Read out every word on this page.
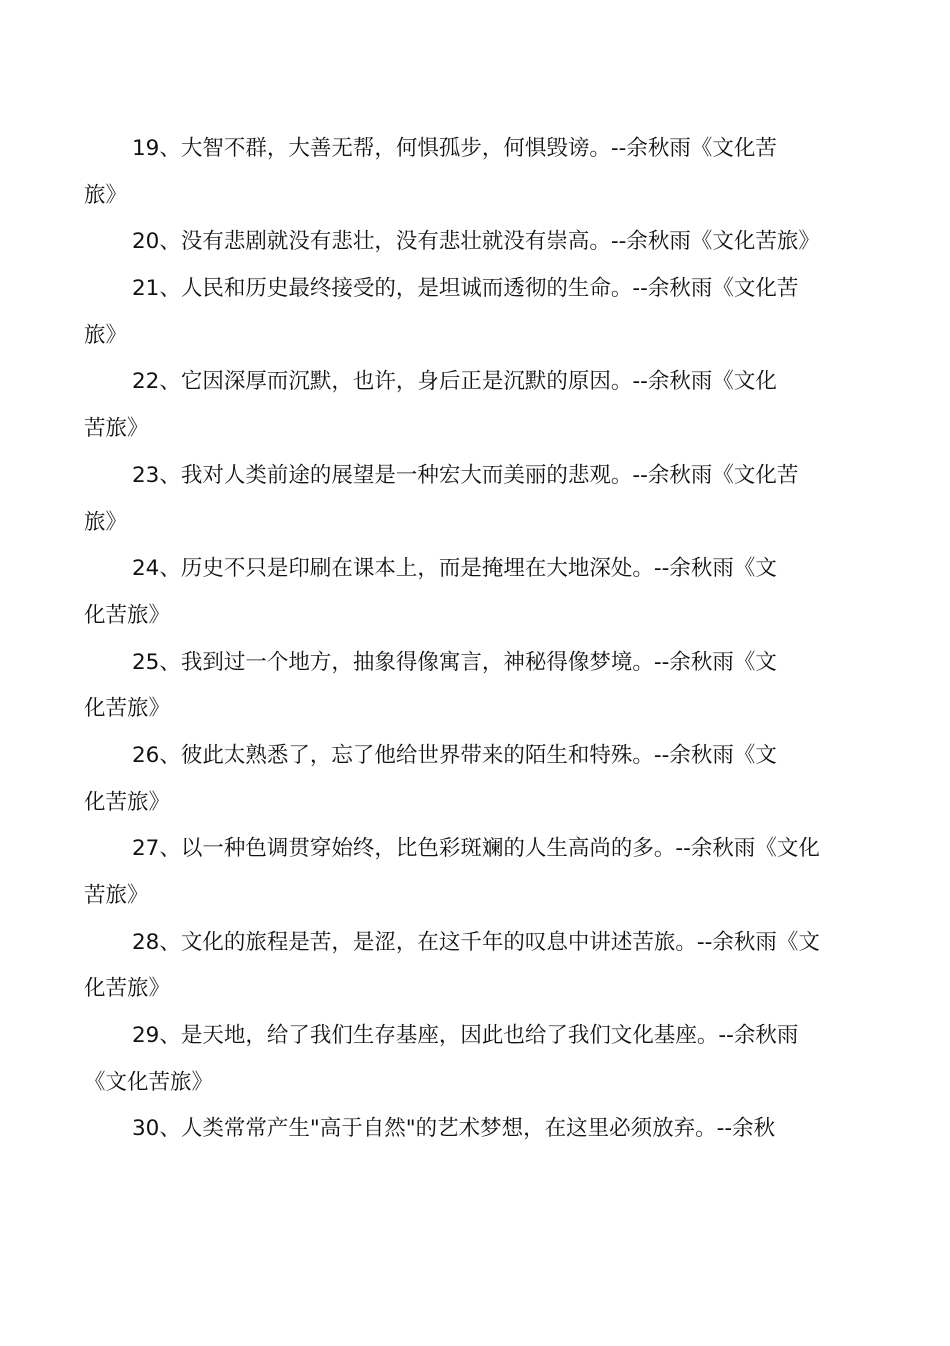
19、大智不群，大善无帮，何惧孤步，何惧毁谤。--余秋雨《文化苦
旅》
20、没有悲剧就没有悲壮，没有悲壮就没有崇高。--余秋雨《文化苦旅》
21、人民和历史最终接受的，是坦诚而透彻的生命。--余秋雨《文化苦
旅》
22、它因深厚而沉默，也许，身后正是沉默的原因。--余秋雨《文化
苦旅》
23、我对人类前途的展望是一种宏大而美丽的悲观。--余秋雨《文化苦
旅》
24、历史不只是印刷在课本上，而是掩埋在大地深处。--余秋雨《文
化苦旅》
25、我到过一个地方，抽象得像寓言，神秘得像梦境。--余秋雨《文
化苦旅》
26、彼此太熟悉了，忘了他给世界带来的陌生和特殊。--余秋雨《文
化苦旅》
27、以一种色调贯穿始终，比色彩斑斓的人生高尚的多。--余秋雨《文化
苦旅》
28、文化的旅程是苦，是涩，在这千年的叹息中讲述苦旅。--余秋雨《文
化苦旅》
29、是天地，给了我们生存基座，因此也给了我们文化基座。--余秋雨
《文化苦旅》
30、人类常常产生"高于自然"的艺术梦想，在这里必须放弃。--余秋
